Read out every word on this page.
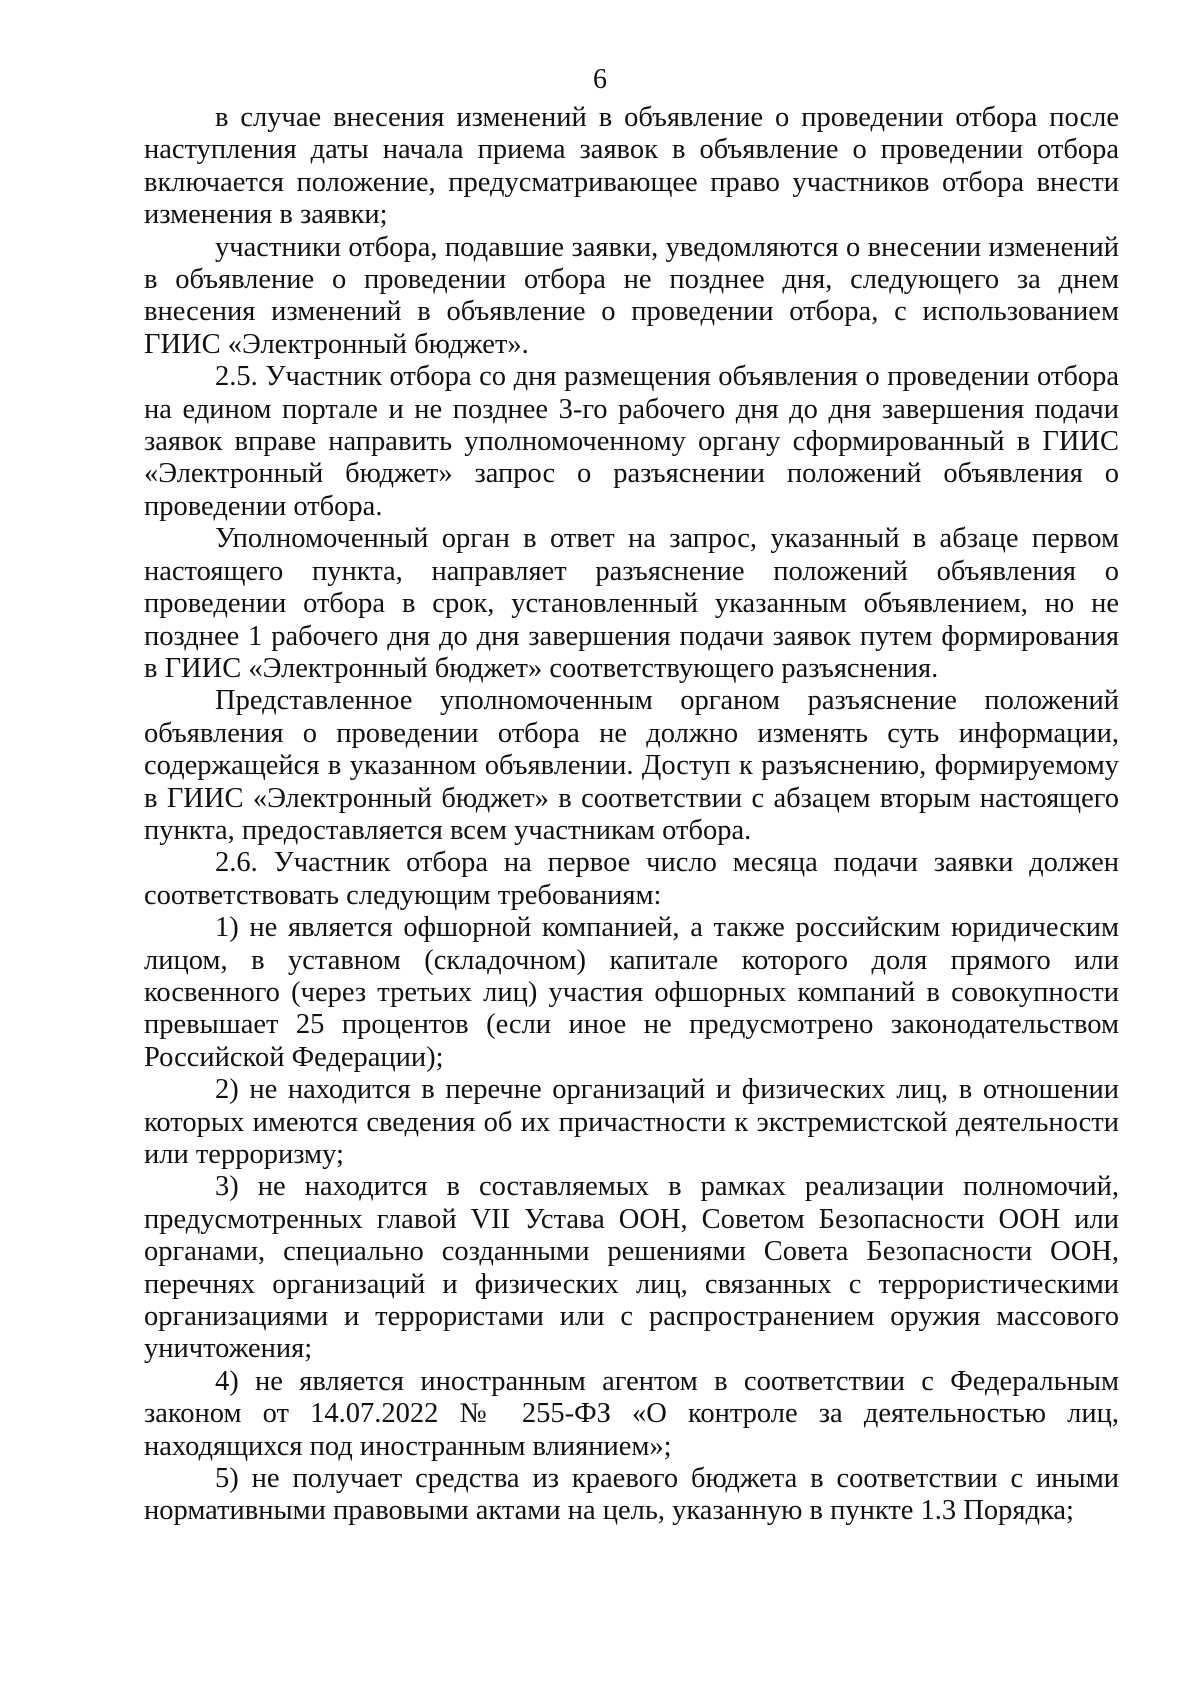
6

в случае внесения изменений в объявление о проведении отбора после наступления даты начала приема заявок в объявление о проведении отбора включается положение, предусматривающее право участников отбора внести изменения в заявки;

участники отбора, подавшие заявки, уведомляются о внесении изменений в объявление о проведении отбора не позднее дня, следующего за днем внесения изменений в объявление о проведении отбора, с использованием ГИИС «Электронный бюджет».

2.5. Участник отбора со дня размещения объявления о проведении отбора на едином портале и не позднее 3-го рабочего дня до дня завершения подачи заявок вправе направить уполномоченному органу сформированный в ГИИС «Электронный бюджет» запрос о разъяснении положений объявления о проведении отбора.

Уполномоченный орган в ответ на запрос, указанный в абзаце первом настоящего пункта, направляет разъяснение положений объявления о проведении отбора в срок, установленный указанным объявлением, но не позднее 1 рабочего дня до дня завершения подачи заявок путем формирования в ГИИС «Электронный бюджет» соответствующего разъяснения.

Представленное уполномоченным органом разъяснение положений объявления о проведении отбора не должно изменять суть информации, содержащейся в указанном объявлении. Доступ к разъяснению, формируемому в ГИИС «Электронный бюджет» в соответствии с абзацем вторым настоящего пункта, предоставляется всем участникам отбора.

2.6. Участник отбора на первое число месяца подачи заявки должен соответствовать следующим требованиям:

1) не является офшорной компанией, а также российским юридическим лицом, в уставном (складочном) капитале которого доля прямого или косвенного (через третьих лиц) участия офшорных компаний в совокупности превышает 25 процентов (если иное не предусмотрено законодательством Российской Федерации);

2) не находится в перечне организаций и физических лиц, в отношении которых имеются сведения об их причастности к экстремистской деятельности или терроризму;

3) не находится в составляемых в рамках реализации полномочий, предусмотренных главой VII Устава ООН, Советом Безопасности ООН или органами, специально созданными решениями Совета Безопасности ООН, перечнях организаций и физических лиц, связанных с террористическими организациями и террористами или с распространением оружия массового уничтожения;

4) не является иностранным агентом в соответствии с Федеральным законом от 14.07.2022 № 255-ФЗ «О контроле за деятельностью лиц, находящихся под иностранным влиянием»;

5) не получает средства из краевого бюджета в соответствии с иными нормативными правовыми актами на цель, указанную в пункте 1.3 Порядка;
